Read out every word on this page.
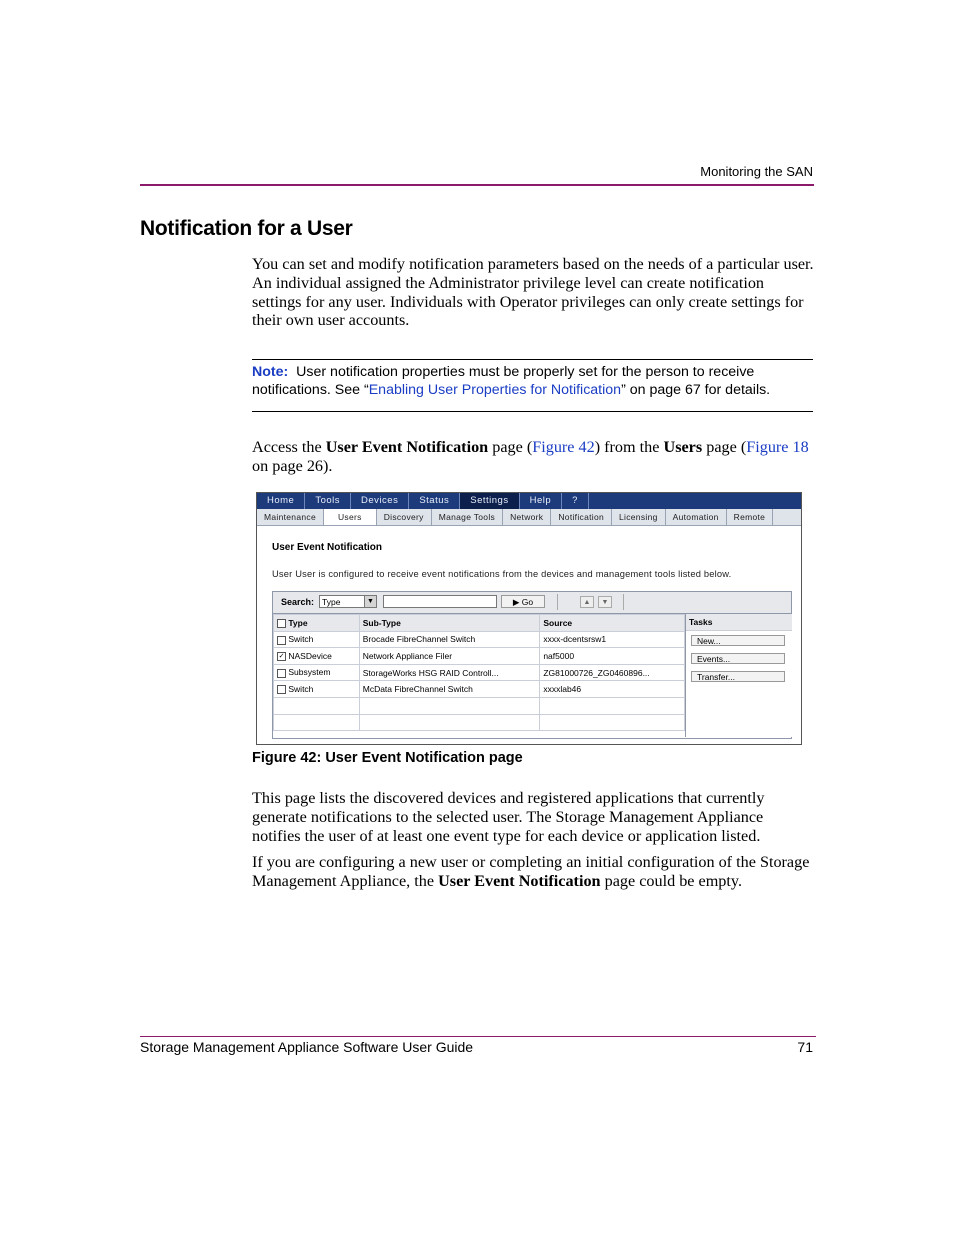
Monitoring the SAN
Notification for a User
You can set and modify notification parameters based on the needs of a particular user. An individual assigned the Administrator privilege level can create notification settings for any user. Individuals with Operator privileges can only create settings for their own user accounts.
Note: User notification properties must be properly set for the person to receive notifications. See “Enabling User Properties for Notification” on page 67 for details.
Access the User Event Notification page (Figure 42) from the Users page (Figure 18 on page 26).
Home	Tools	Devices	Status	Settings	Help	?
Maintenance	Users	Discovery	Manage Tools	Network	Notification	Licensing	Automation	Remote
User Event Notification
User User is configured to receive event notifications from the devices and management tools listed below.
Search: Type	▼	▶ Go	▲	▼
Type	Sub-Type	Source
Switch	Brocade FibreChannel Switch	xxxx-dcentsrsw1
✓ NASDevice	Network Appliance Filer	naf5000
Subsystem	StorageWorks HSG RAID Controll...	ZG81000726_ZG0460896...
Switch	McData FibreChannel Switch	xxxxlab46

Tasks
New...
Events...
Transfer...
Figure 42: User Event Notification page
This page lists the discovered devices and registered applications that currently generate notifications to the selected user. The Storage Management Appliance notifies the user of at least one event type for each device or application listed.
If you are configuring a new user or completing an initial configuration of the Storage Management Appliance, the User Event Notification page could be empty.
Storage Management Appliance Software User Guide	71
